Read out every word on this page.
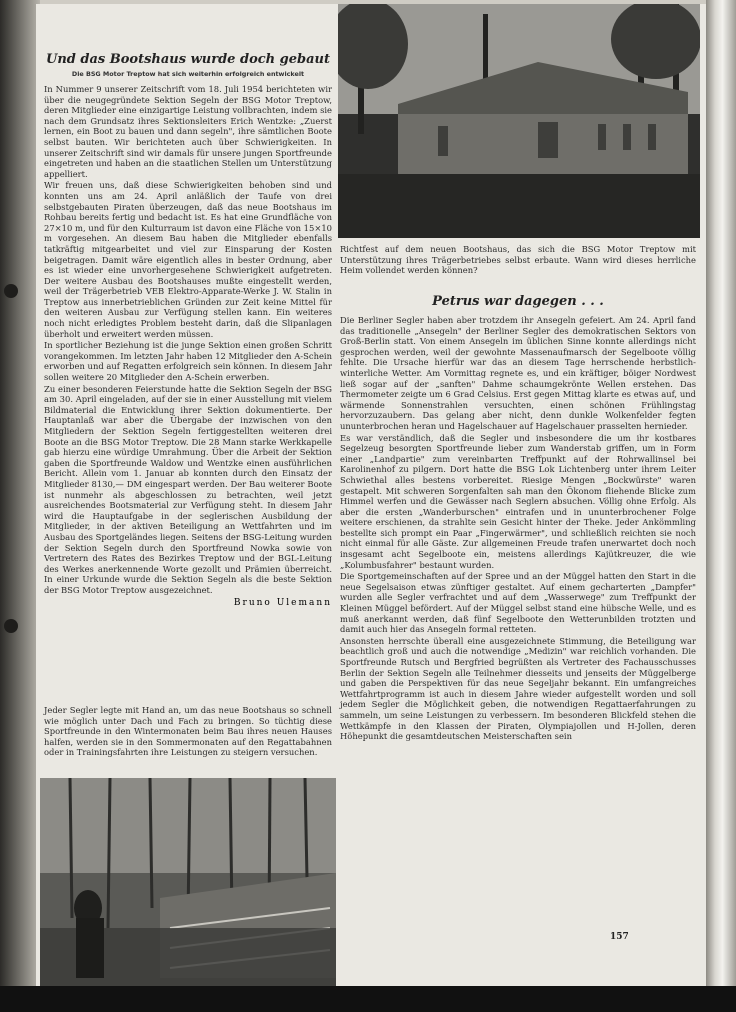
Und das Bootshaus wurde doch gebaut
Die BSG Motor Treptow hat sich weiterhin erfolgreich entwickelt

In Nummer 9 unserer Zeitschrift vom 18. Juli 1954 berichteten wir über die neugegründete Sektion Segeln der BSG Motor Treptow, deren Mitglieder eine einzigartige Leistung vollbrachten, indem sie nach dem Grundsatz ihres Sektionsleiters Erich Wentzke: „Zuerst lernen, ein Boot zu bauen und dann segeln", ihre sämtlichen Boote selbst bauten. Wir berichteten auch über Schwierigkeiten. In unserer Zeitschrift sind wir damals für unsere jungen Sportfreunde eingetreten und haben an die staatlichen Stellen um Unterstützung appelliert.

Wir freuen uns, daß diese Schwierigkeiten behoben sind und konnten uns am 24. April anläßlich der Taufe von drei selbstgebauten Piraten überzeugen, daß das neue Bootshaus im Rohbau bereits fertig und bedacht ist. Es hat eine Grundfläche von 27×10 m, und für den Kulturraum ist davon eine Fläche von 15×10 m vorgesehen. An diesem Bau haben die Mitglieder ebenfalls tatkräftig mitgearbeitet und viel zur Einsparung der Kosten beigetragen. Damit wäre eigentlich alles in bester Ordnung, aber es ist wieder eine unvorhergesehene Schwierigkeit aufgetreten. Der weitere Ausbau des Bootshauses mußte eingestellt werden, weil der Trägerbetrieb VEB Elektro-Apparate-Werke J. W. Stalin in Treptow aus innerbetrieblichen Gründen zur Zeit keine Mittel für den weiteren Ausbau zur Verfügung stellen kann. Ein weiteres noch nicht erledigtes Problem besteht darin, daß die Slipanlagen überholt und erweitert werden müssen.

In sportlicher Beziehung ist die junge Sektion einen großen Schritt vorangekommen. Im letzten Jahr haben 12 Mitglieder den A-Schein erworben und auf Regatten erfolgreich sein können. In diesem Jahr sollen weitere 20 Mitglieder den A-Schein erwerben.

Zu einer besonderen Feierstunde hatte die Sektion Segeln der BSG am 30. April eingeladen, auf der sie in einer Ausstellung mit vielem Bildmaterial die Entwicklung ihrer Sektion dokumentierte. Der Hauptanlaß war aber die Übergabe der inzwischen von den Mitgliedern der Sektion Segeln fertiggestellten weiteren drei Boote an die BSG Motor Treptow. Die 28 Mann starke Werkkapelle gab hierzu eine würdige Umrahmung. Über die Arbeit der Sektion gaben die Sportfreunde Waldow und Wentzke einen ausführlichen Bericht. Allein vom 1. Januar ab konnten durch den Einsatz der Mitglieder 8130,— DM eingespart werden. Der Bau weiterer Boote ist nunmehr als abgeschlossen zu betrachten, weil jetzt ausreichendes Bootsmaterial zur Verfügung steht. In diesem Jahr wird die Hauptaufgabe in der seglerischen Ausbildung der Mitglieder, in der aktiven Beteiligung an Wettfahrten und im Ausbau des Sportgeländes liegen. Seitens der BSG-Leitung wurden der Sektion Segeln durch den Sportfreund Nowka sowie von Vertretern des Rates des Bezirkes Treptow und der BGL-Leitung des Werkes anerkennende Worte gezollt und Prämien überreicht. In einer Urkunde wurde die Sektion Segeln als die beste Sektion der BSG Motor Treptow ausgezeichnet.

Bruno Ulemann
Jeder Segler legte mit Hand an, um das neue Bootshaus so schnell wie möglich unter Dach und Fach zu bringen. So tüchtig diese Sportfreunde in den Wintermonaten beim Bau ihres neuen Hauses halfen, werden sie in den Sommermonaten auf den Regattabahnen oder in Trainingsfahrten ihre Leistungen zu steigern versuchen.
Richtfest auf dem neuen Bootshaus, das sich die BSG Motor Treptow mit Unterstützung ihres Trägerbetriebes selbst erbaute. Wann wird dieses herrliche Heim vollendet werden können?
Petrus war dagegen . . .

Die Berliner Segler haben aber trotzdem ihr Ansegeln gefeiert. Am 24. April fand das traditionelle „Ansegeln" der Berliner Segler des demokratischen Sektors von Groß-Berlin statt. Von einem Ansegeln im üblichen Sinne konnte allerdings nicht gesprochen werden, weil der gewohnte Massenaufmarsch der Segelboote völlig fehlte. Die Ursache hierfür war das an diesem Tage herrschende herbstlich-winterliche Wetter. Am Vormittag regnete es, und ein kräftiger, böiger Nordwest ließ sogar auf der „sanften" Dahme schaumgekrönte Wellen erstehen. Das Thermometer zeigte um 6 Grad Celsius. Erst gegen Mittag klarte es etwas auf, und wärmende Sonnenstrahlen versuchten, einen schönen Frühlingstag hervorzuzaubern. Das gelang aber nicht, denn dunkle Wolkenfelder fegten ununterbrochen heran und Hagelschauer auf Hagelschauer prasselten hernieder.

Es war verständlich, daß die Segler und insbesondere die um ihr kostbares Segelzeug besorgten Sportfreunde lieber zum Wanderstab griffen, um in Form einer „Landpartie" zum vereinbarten Treffpunkt auf der Rohrwallinsel bei Karolinenhof zu pilgern. Dort hatte die BSG Lok Lichtenberg unter ihrem Leiter Schwiethal alles bestens vorbereitet. Riesige Mengen „Bockwürste" waren gestapelt. Mit schweren Sorgenfalten sah man den Ökonom fliehende Blicke zum Himmel werfen und die Gewässer nach Seglern absuchen. Völlig ohne Erfolg. Als aber die ersten „Wanderburschen" eintrafen und in ununterbrochener Folge weitere erschienen, da strahlte sein Gesicht hinter der Theke. Jeder Ankömmling bestellte sich prompt ein Paar „Fingerwärmer", und schließlich reichten sie noch nicht einmal für alle Gäste. Zur allgemeinen Freude trafen unerwartet doch noch insgesamt acht Segelboote ein, meistens allerdings Kajütkreuzer, die wie „Kolumbusfahrer" bestaunt wurden.

Die Sportgemeinschaften auf der Spree und an der Müggel hatten den Start in die neue Segelsaison etwas zünftiger gestaltet. Auf einem gecharterten „Dampfer" wurden alle Segler verfrachtet und auf dem „Wasserwege" zum Treffpunkt der Kleinen Müggel befördert. Auf der Müggel selbst stand eine hübsche Welle, und es muß anerkannt werden, daß fünf Segelboote den Wetterunbilden trotzten und damit auch hier das Ansegeln formal retteten.

Ansonsten herrschte überall eine ausgezeichnete Stimmung, die Beteiligung war beachtlich groß und auch die notwendige „Medizin" war reichlich vorhanden. Die Sportfreunde Rutsch und Bergfried begrüßten als Vertreter des Fachausschusses Berlin der Sektion Segeln alle Teilnehmer diesseits und jenseits der Müggelberge und gaben die Perspektiven für das neue Segeljahr bekannt. Ein umfangreiches Wettfahrtprogramm ist auch in diesem Jahre wieder aufgestellt worden und soll jedem Segler die Möglichkeit geben, die notwendigen Regattaerfahrungen zu sammeln, um seine Leistungen zu verbessern. Im besonderen Blickfeld stehen die Wettkämpfe in den Klassen der Piraten, Olympiajollen und H-Jollen, deren Höhepunkt die gesamtdeutschen Meisterschaften sein

157
